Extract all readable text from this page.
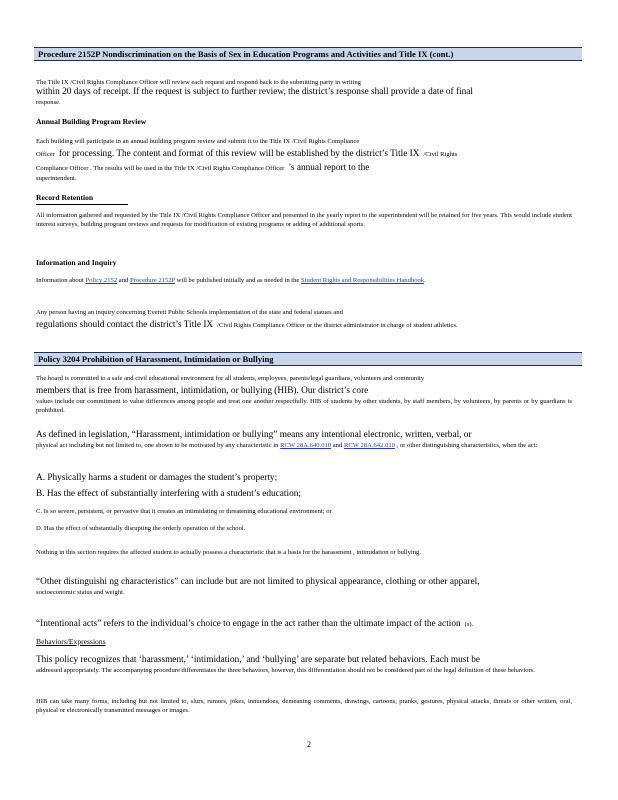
Procedure 2152P Nondiscrimination on the Basis of Sex in Education Programs and Activities and Title IX (cont.)
The Title IX /Civil Rights Compliance Officer will review each request and respond back to the submitting party in writing
within 20 days of receipt. If the request is subject to further review, the district’s response shall provide a date of final
response.
Annual Building Program Review
Each building will participate in an annual building program review and submit it to the Title IX /Civil Rights Compliance
Officer for processing. The content and format of this review will be established by the district’s Title IX /Civil Rights
Compliance Officer . The results will be used in the Title IX /Civil Rights Compliance Officer ’s annual report to the
superintendent.
Record Retention
All information gathered and requested by the Title IX /Civil Rights Compliance Officer and presented in the yearly report to the superintendent will be retained for five years. This would include student interest surveys, building program reviews and requests for modification of existing programs or adding of additional sports.
Information and Inquiry
Information about Policy 2152 and Procedure 2152P will be published initially and as needed in the Student Rights and Responsibilities Handbook.
Any person having an inquiry concerning Everett Public Schools implementation of the state and federal statues and
regulations should contact the district’s Title IX /Civil Rights Compliance Officer or the district administrator in charge of student athletics.
Policy 3204 Prohibition of Harassment, Intimidation or Bullying
The board is committed to a safe and civil educational environment for all students, employees, parents/legal guardians, volunteers and community
members that is free from harassment, intimidation, or bullying (HIB). Our district’s core
values include our commitment to value differences among people and treat one another respectfully. HIB of students by other students, by staff members, by volunteers, by parents or by guardians is prohibited.
As defined in legislation, “Harassment, intimidation or bullying” means any intentional electronic, written, verbal, or
physical act including but not limited to, one shown to be motivated by any characteristic in RCW 28A.640.010 and RCW 28A.642.010 , or other distinguishing characteristics, when the act:
A. Physically harms a student or damages the student’s property;
B. Has the effect of substantially interfering with a student’s education;
C. Is so severe, persistent, or pervasive that it creates an intimidating or threatening educational environment; or
D. Has the effect of substantially disrupting the orderly operation of the school.
Nothing in this section requires the affected student to actually possess a characteristic that is a basis for the harassment , intimidation or bullying.
“Other distinguishi ng characteristics” can include but are not limited to physical appearance, clothing or other apparel,
socioeconomic status and weight.
“Intentional acts” refers to the individual’s choice to engage in the act rather than the ultimate impact of the action (s).
Behaviors/Expressions
This policy recognizes that ‘harassment,’ ‘intimidation,’ and ‘bullying’ are separate but related behaviors. Each must be
addressed appropriately. The accompanying procedure differentiates the three behaviors, however, this differentiation should not be considered part of the legal definition of these behaviors.
HIB can take many forms, including but not limited to, slurs, rumors, jokes, innuendoes, demeaning comments, drawings, cartoons, pranks, gestures, physical attacks, threats or other written, oral, physical or electronically transmitted messages or images.
2
